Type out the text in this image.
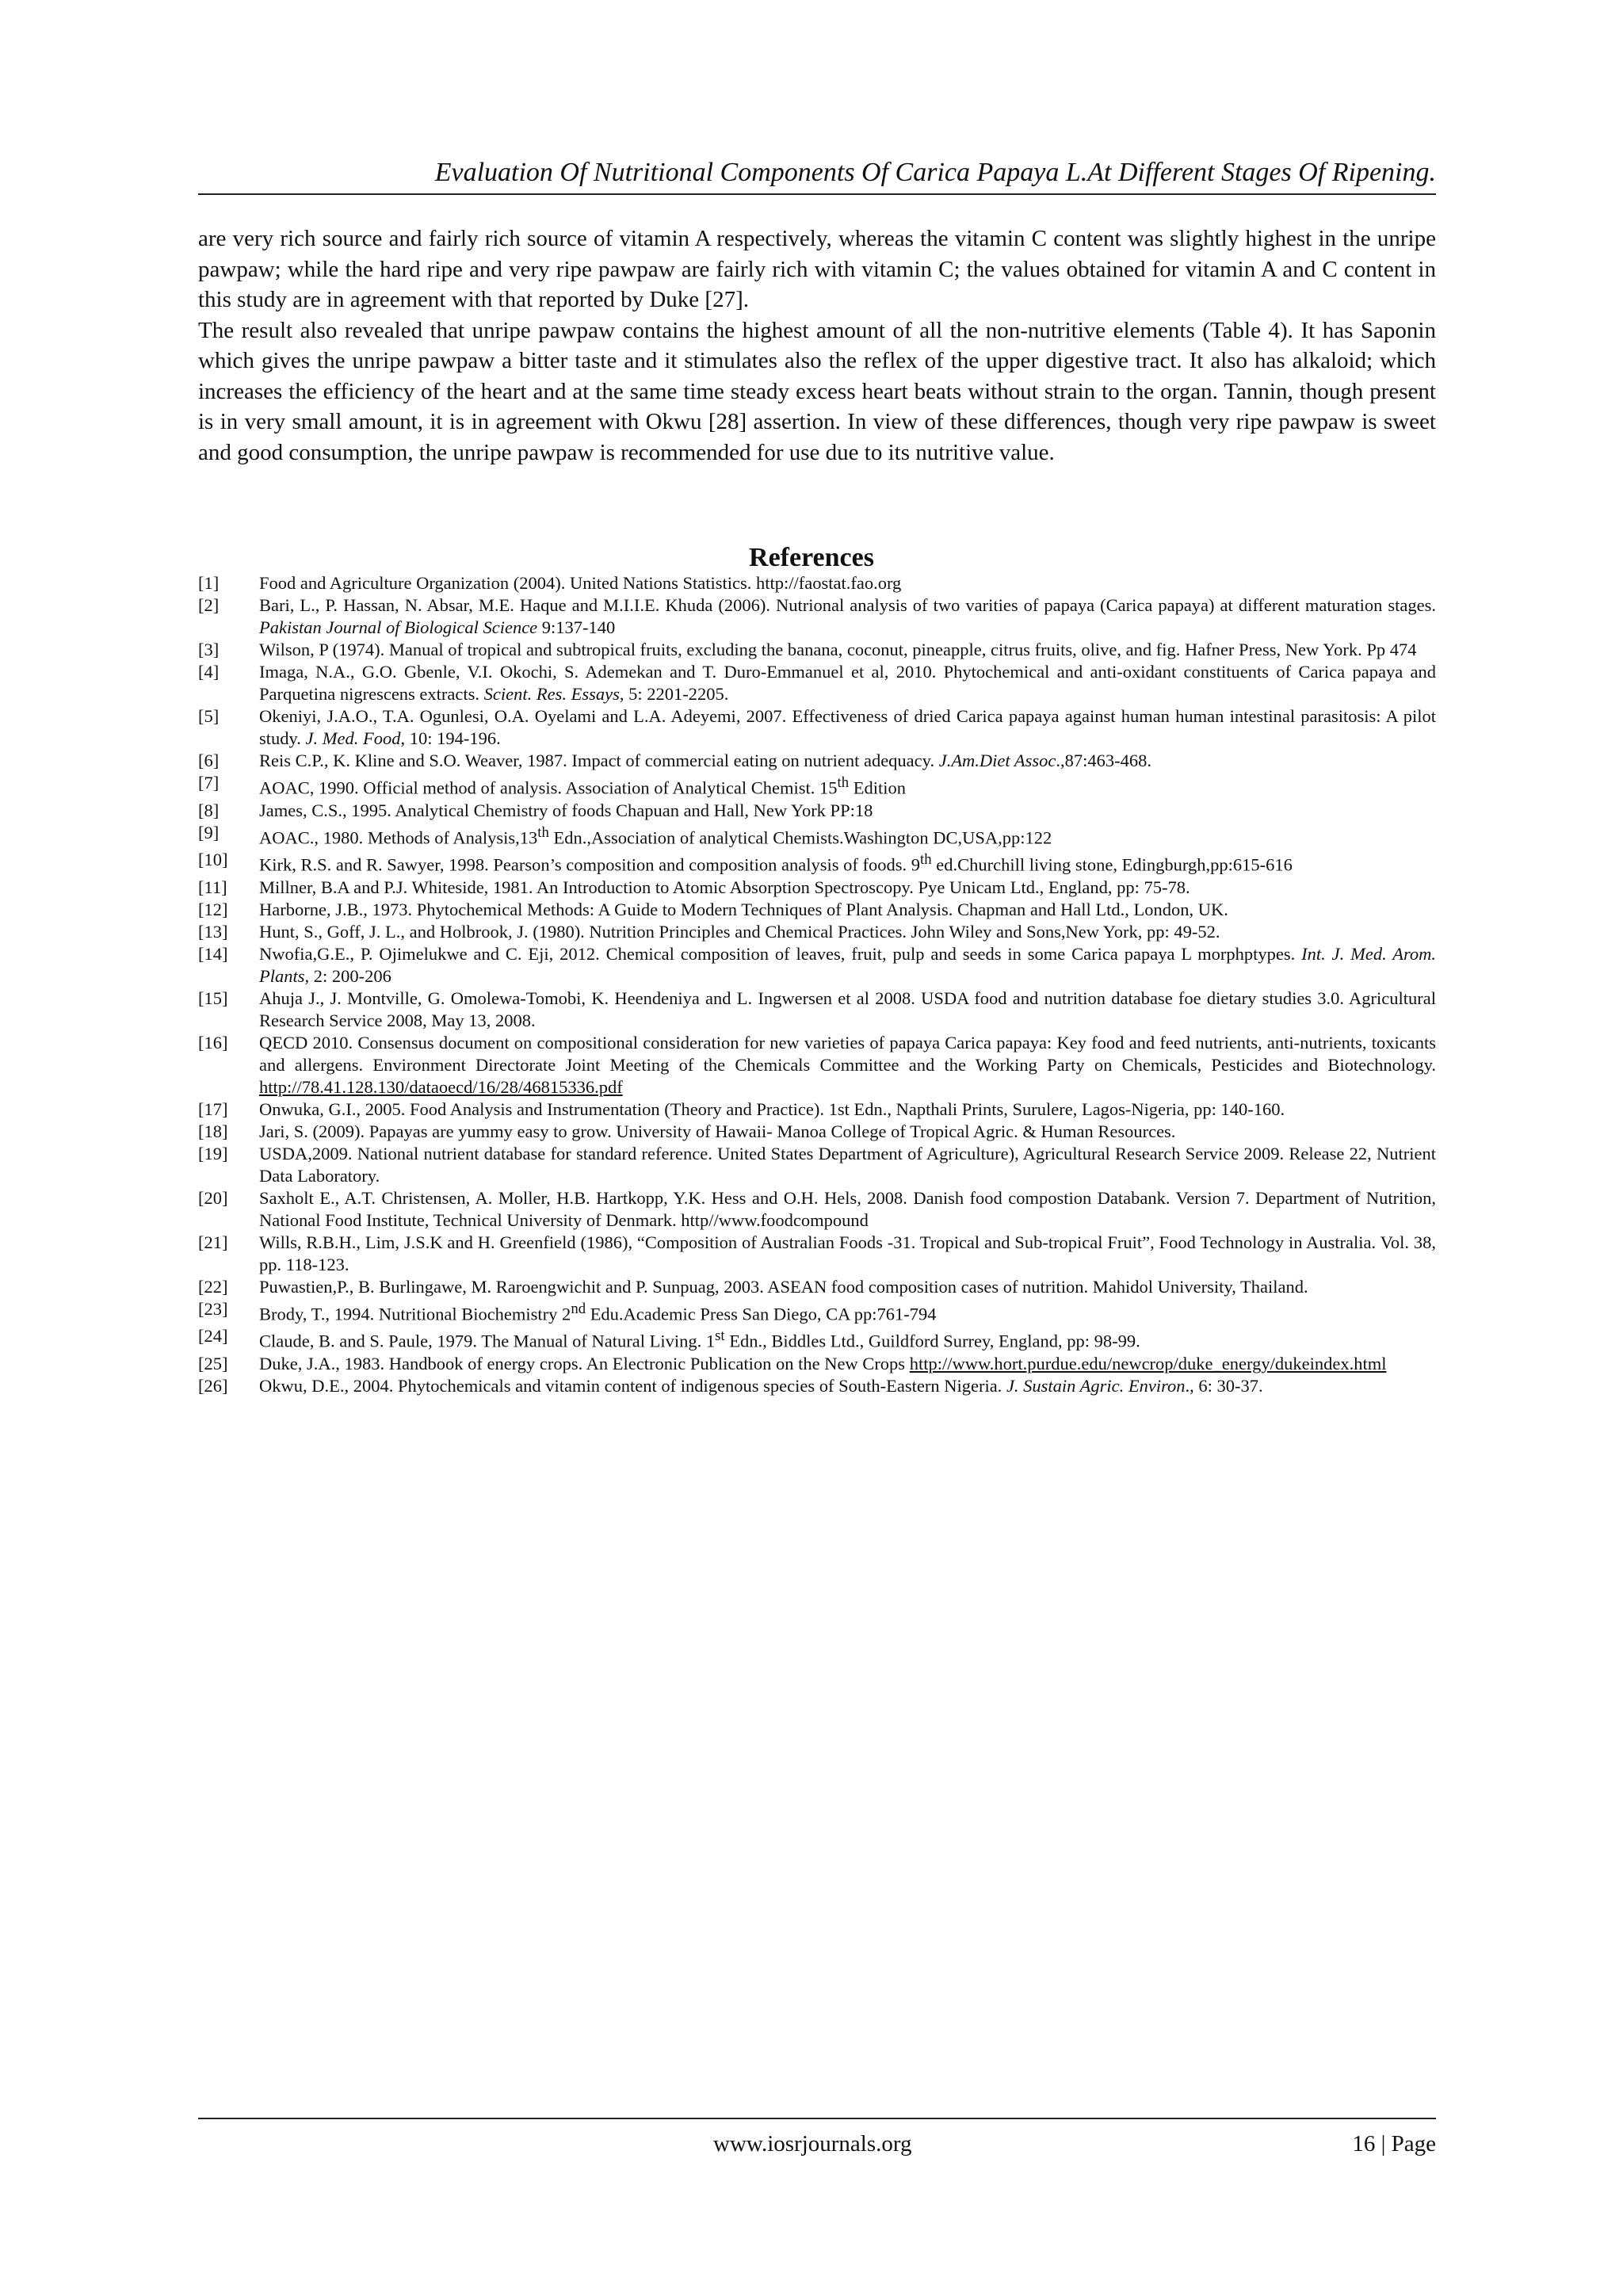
Evaluation Of Nutritional Components Of Carica Papaya L.At Different Stages Of Ripening.

are very rich source and fairly rich source of vitamin A respectively, whereas the vitamin C content was slightly highest in the unripe pawpaw; while the hard ripe and very ripe pawpaw are fairly rich with vitamin C; the values obtained for vitamin A and C content in this study are in agreement with that reported by Duke [27].

The result also revealed that unripe pawpaw contains the highest amount of all the non-nutritive elements (Table 4). It has Saponin which gives the unripe pawpaw a bitter taste and it stimulates also the reflex of the upper digestive tract. It also has alkaloid; which increases the efficiency of the heart and at the same time steady excess heart beats without strain to the organ. Tannin, though present is in very small amount, it is in agreement with Okwu [28] assertion. In view of these differences, though very ripe pawpaw is sweet and good consumption, the unripe pawpaw is recommended for use due to its nutritive value.

References
[1]	Food and Agriculture Organization (2004). United Nations Statistics. http://faostat.fao.org
[2]	Bari, L., P. Hassan, N. Absar, M.E. Haque and M.I.I.E. Khuda (2006). Nutrional analysis of two varities of papaya (Carica papaya) at different maturation stages. Pakistan Journal of Biological Science 9:137-140
[3]	Wilson, P (1974). Manual of tropical and subtropical fruits, excluding the banana, coconut, pineapple, citrus fruits, olive, and fig. Hafner Press, New York. Pp 474
[4]	Imaga, N.A., G.O. Gbenle, V.I. Okochi, S. Ademekan and T. Duro-Emmanuel et al, 2010. Phytochemical and anti-oxidant constituents of Carica papaya and Parquetina nigrescens extracts. Scient. Res. Essays, 5: 2201-2205.
[5]	Okeniyi, J.A.O., T.A. Ogunlesi, O.A. Oyelami and L.A. Adeyemi, 2007. Effectiveness of dried Carica papaya against human human intestinal parasitosis: A pilot study. J. Med. Food, 10: 194-196.
[6]	Reis C.P., K. Kline and S.O. Weaver, 1987. Impact of commercial eating on nutrient adequacy. J.Am.Diet Assoc.,87:463-468.
[7]	AOAC, 1990. Official method of analysis. Association of Analytical Chemist. 15th Edition
[8]	James, C.S., 1995. Analytical Chemistry of foods Chapuan and Hall, New York PP:18
[9]	AOAC., 1980. Methods of Analysis,13th Edn.,Association of analytical Chemists.Washington DC,USA,pp:122
[10]	Kirk, R.S. and R. Sawyer, 1998. Pearson’s composition and composition analysis of foods. 9th ed.Churchill living stone, Edingburgh,pp:615-616
[11]	Millner, B.A and P.J. Whiteside, 1981. An Introduction to Atomic Absorption Spectroscopy. Pye Unicam Ltd., England, pp: 75-78.
[12]	Harborne, J.B., 1973. Phytochemical Methods: A Guide to Modern Techniques of Plant Analysis. Chapman and Hall Ltd., London, UK.
[13]	Hunt, S., Goff, J. L., and Holbrook, J. (1980). Nutrition Principles and Chemical Practices. John Wiley and Sons,New York, pp: 49-52.
[14]	Nwofia,G.E., P. Ojimelukwe and C. Eji, 2012. Chemical composition of leaves, fruit, pulp and seeds in some Carica papaya L morphptypes. Int. J. Med. Arom. Plants, 2: 200-206
[15]	Ahuja J., J. Montville, G. Omolewa-Tomobi, K. Heendeniya and L. Ingwersen et al 2008. USDA food and nutrition database foe dietary studies 3.0. Agricultural Research Service 2008, May 13, 2008.
[16]	QECD 2010. Consensus document on compositional consideration for new varieties of papaya Carica papaya: Key food and feed nutrients, anti-nutrients, toxicants and allergens. Environment Directorate Joint Meeting of the Chemicals Committee and the Working Party on Chemicals, Pesticides and Biotechnology. http://78.41.128.130/dataoecd/16/28/46815336.pdf
[17]	Onwuka, G.I., 2005. Food Analysis and Instrumentation (Theory and Practice). 1st Edn., Napthali Prints, Surulere, Lagos-Nigeria, pp: 140-160.
[18]	Jari, S. (2009). Papayas are yummy easy to grow. University of Hawaii- Manoa College of Tropical Agric. & Human Resources.
[19]	USDA,2009. National nutrient database for standard reference. United States Department of Agriculture), Agricultural Research Service 2009. Release 22, Nutrient Data Laboratory.
[20]	Saxholt E., A.T. Christensen, A. Moller, H.B. Hartkopp, Y.K. Hess and O.H. Hels, 2008. Danish food compostion Databank. Version 7. Department of Nutrition, National Food Institute, Technical University of Denmark. http//www.foodcompound
[21]	Wills, R.B.H., Lim, J.S.K and H. Greenfield (1986), “Composition of Australian Foods -31. Tropical and Sub-tropical Fruit”, Food Technology in Australia. Vol. 38, pp. 118-123.
[22]	Puwastien,P., B. Burlingawe, M. Raroengwichit and P. Sunpuag, 2003. ASEAN food composition cases of nutrition. Mahidol University, Thailand.
[23]	Brody, T., 1994. Nutritional Biochemistry 2nd Edu.Academic Press San Diego, CA pp:761-794
[24]	Claude, B. and S. Paule, 1979. The Manual of Natural Living. 1st Edn., Biddles Ltd., Guildford Surrey, England, pp: 98-99.
[25]	Duke, J.A., 1983. Handbook of energy crops. An Electronic Publication on the New Crops http://www.hort.purdue.edu/newcrop/duke_energy/dukeindex.html
[26]	Okwu, D.E., 2004. Phytochemicals and vitamin content of indigenous species of South-Eastern Nigeria. J. Sustain Agric. Environ., 6: 30-37.
www.iosrjournals.org	16 | Page
